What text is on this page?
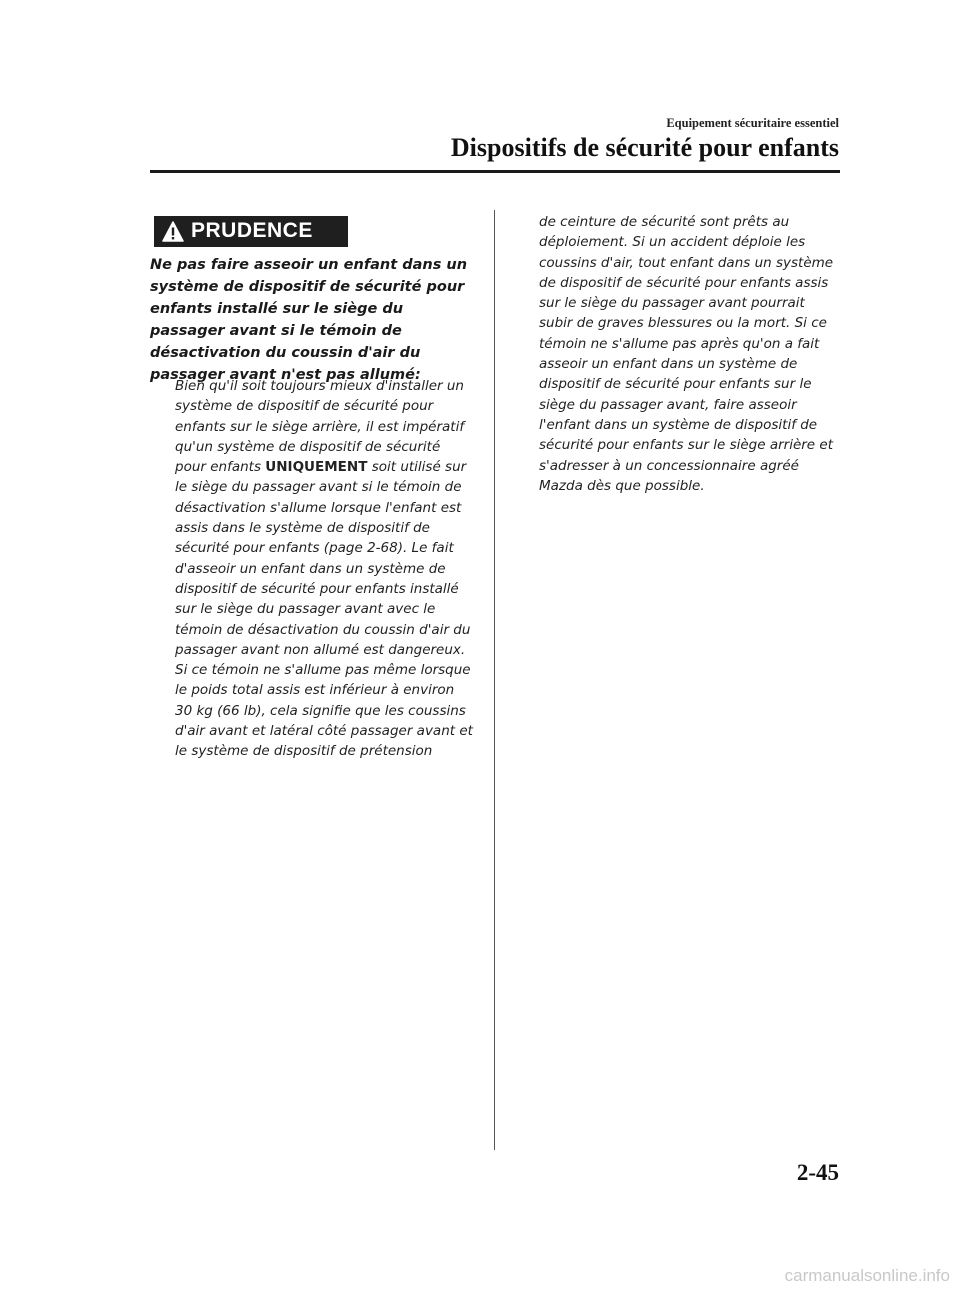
Equipement sécuritaire essentiel
Dispositifs de sécurité pour enfants
PRUDENCE

Ne pas faire asseoir un enfant dans un système de dispositif de sécurité pour enfants installé sur le siège du passager avant si le témoin de désactivation du coussin d'air du passager avant n'est pas allumé:

Bien qu'il soit toujours mieux d'installer un système de dispositif de sécurité pour enfants sur le siège arrière, il est impératif qu'un système de dispositif de sécurité pour enfants UNIQUEMENT soit utilisé sur le siège du passager avant si le témoin de désactivation s'allume lorsque l'enfant est assis dans le système de dispositif de sécurité pour enfants (page 2-68). Le fait d'asseoir un enfant dans un système de dispositif de sécurité pour enfants installé sur le siège du passager avant avec le témoin de désactivation du coussin d'air du passager avant non allumé est dangereux. Si ce témoin ne s'allume pas même lorsque le poids total assis est inférieur à environ 30 kg (66 lb), cela signifie que les coussins d'air avant et latéral côté passager avant et le système de dispositif de prétension

de ceinture de sécurité sont prêts au déploiement. Si un accident déploie les coussins d'air, tout enfant dans un système de dispositif de sécurité pour enfants assis sur le siège du passager avant pourrait subir de graves blessures ou la mort. Si ce témoin ne s'allume pas après qu'on a fait asseoir un enfant dans un système de dispositif de sécurité pour enfants sur le siège du passager avant, faire asseoir l'enfant dans un système de dispositif de sécurité pour enfants sur le siège arrière et s'adresser à un concessionnaire agréé Mazda dès que possible.

2-45
carmanualsonline.info
